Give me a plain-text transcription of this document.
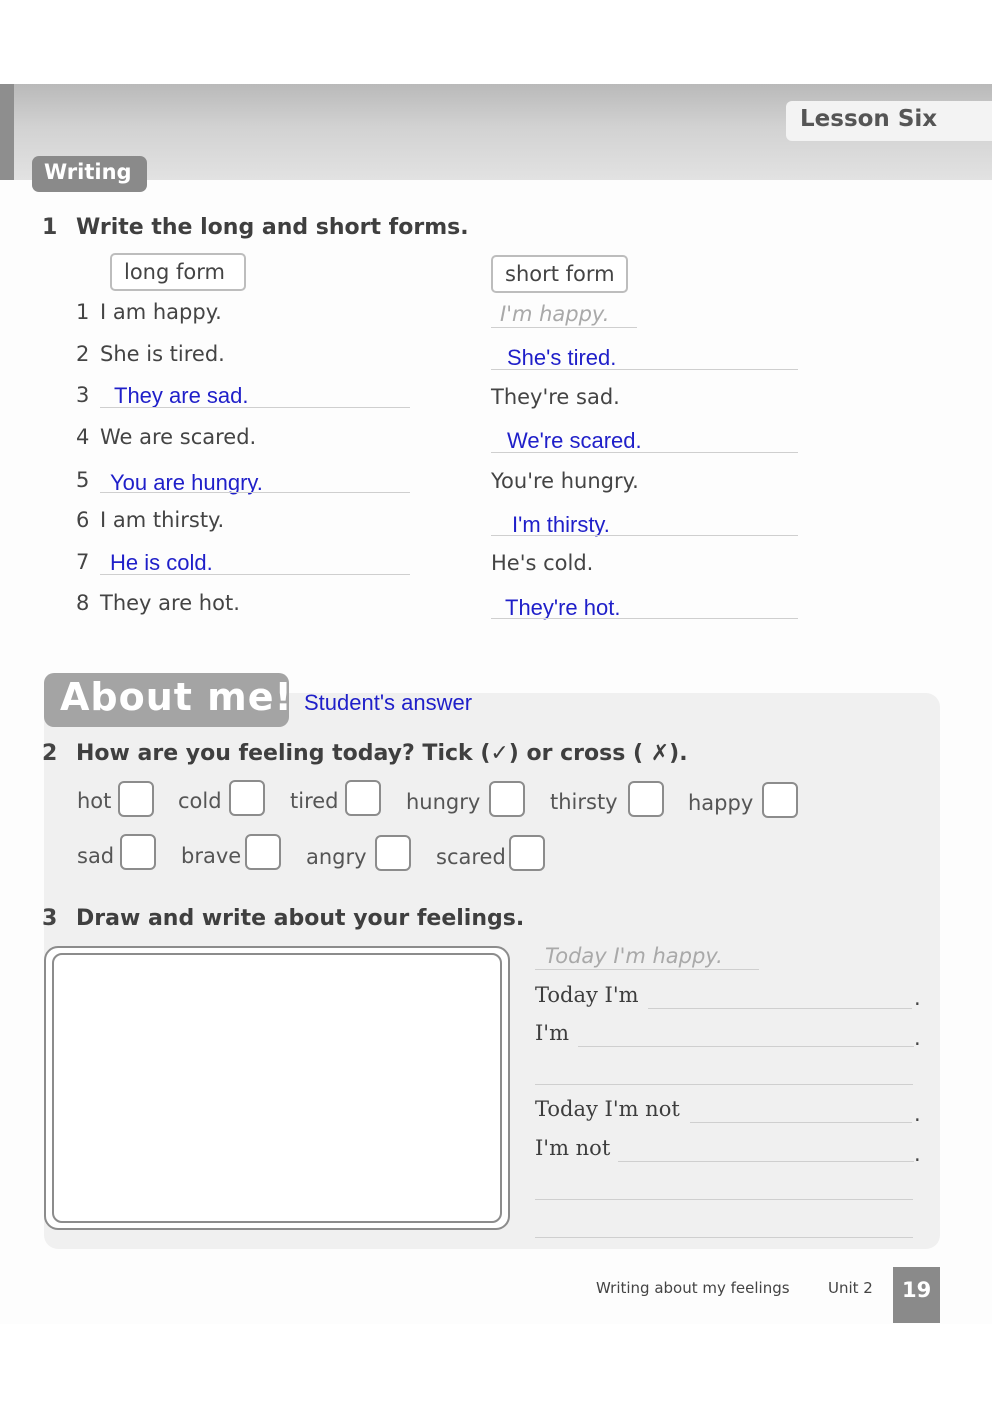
Lesson Six
Writing
1 Write the long and short forms.
long form	short form
1 I am happy.	I'm happy.
2 She is tired.	She's tired.
3 They are sad.	They're sad.
4 We are scared.	We're scared.
5 You are hungry.	You're hungry.
6 I am thirsty.	I'm thirsty.
7 He is cold.	He's cold.
8 They are hot.	They're hot.
About me! Student's answer
2 How are you feeling today? Tick (✓) or cross ( ✗).
hot	cold	tired	hungry	thirsty	happy
sad	brave	angry	scared
3 Draw and write about your feelings.
Today I'm happy.
Today I'm	.
I'm	.
Today I'm not	.
I'm not	.
Writing about my feelings	Unit 2 19
